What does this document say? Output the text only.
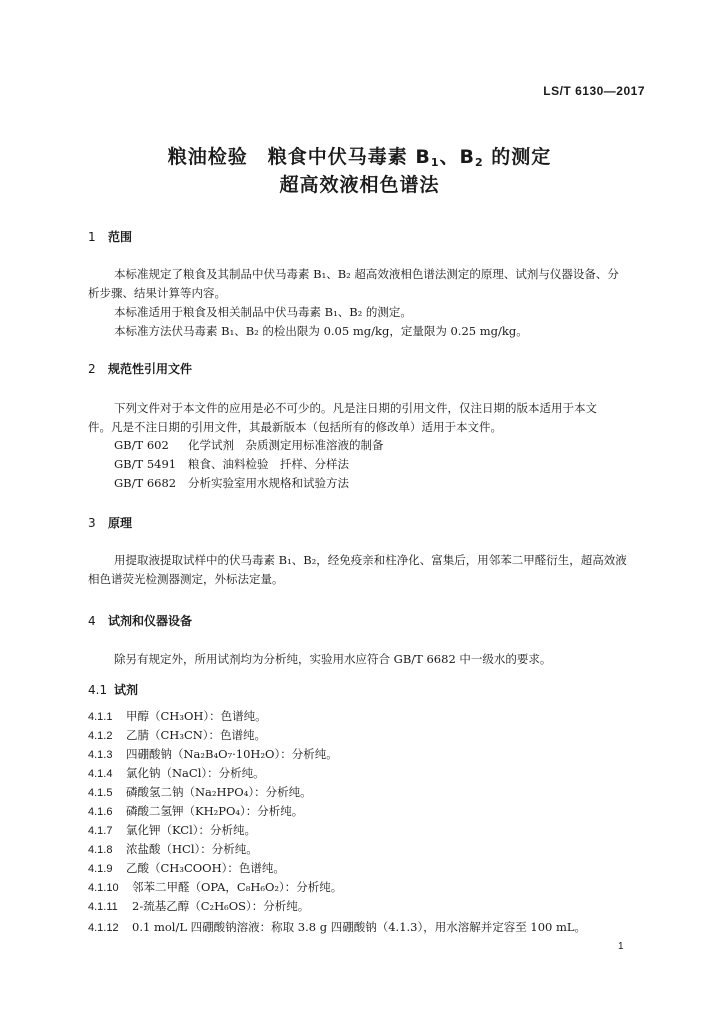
LS/T 6130—2017
粮油检验　粮食中伏马毒素 B1、B2 的测定
超高效液相色谱法
1 范围
本标准规定了粮食及其制品中伏马毒素 B₁、B₂ 超高效液相色谱法测定的原理、试剂与仪器设备、分
析步骤、结果计算等内容。
本标准适用于粮食及相关制品中伏马毒素 B₁、B₂ 的测定。
本标准方法伏马毒素 B₁、B₂ 的检出限为 0.05 mg/kg，定量限为 0.25 mg/kg。
2 规范性引用文件
下列文件对于本文件的应用是必不可少的。凡是注日期的引用文件，仅注日期的版本适用于本文
件。凡是不注日期的引用文件，其最新版本（包括所有的修改单）适用于本文件。
GB/T 602 化学试剂　杂质测定用标准溶液的制备
GB/T 5491 粮食、油料检验　扦样、分样法
GB/T 6682 分析实验室用水规格和试验方法
3 原理
用提取液提取试样中的伏马毒素 B₁、B₂，经免疫亲和柱净化、富集后，用邻苯二甲醛衍生，超高效液
相色谱荧光检测器测定，外标法定量。
4 试剂和仪器设备
除另有规定外，所用试剂均为分析纯，实验用水应符合 GB/T 6682 中一级水的要求。
4.1 试剂
4.1.1 甲醇（CH₃OH）：色谱纯。
4.1.2 乙腈（CH₃CN）：色谱纯。
4.1.3 四硼酸钠（Na₂B₄O₇·10H₂O）：分析纯。
4.1.4 氯化钠（NaCl）：分析纯。
4.1.5 磷酸氢二钠（Na₂HPO₄）：分析纯。
4.1.6 磷酸二氢钾（KH₂PO₄）：分析纯。
4.1.7 氯化钾（KCl）：分析纯。
4.1.8 浓盐酸（HCl）：分析纯。
4.1.9 乙酸（CH₃COOH）：色谱纯。
4.1.10 邻苯二甲醛（OPA，C₈H₆O₂）：分析纯。
4.1.11 2-巯基乙醇（C₂H₆OS）：分析纯。
4.1.12 0.1 mol/L 四硼酸钠溶液：称取 3.8 g 四硼酸钠（4.1.3），用水溶解并定容至 100 mL。
1
